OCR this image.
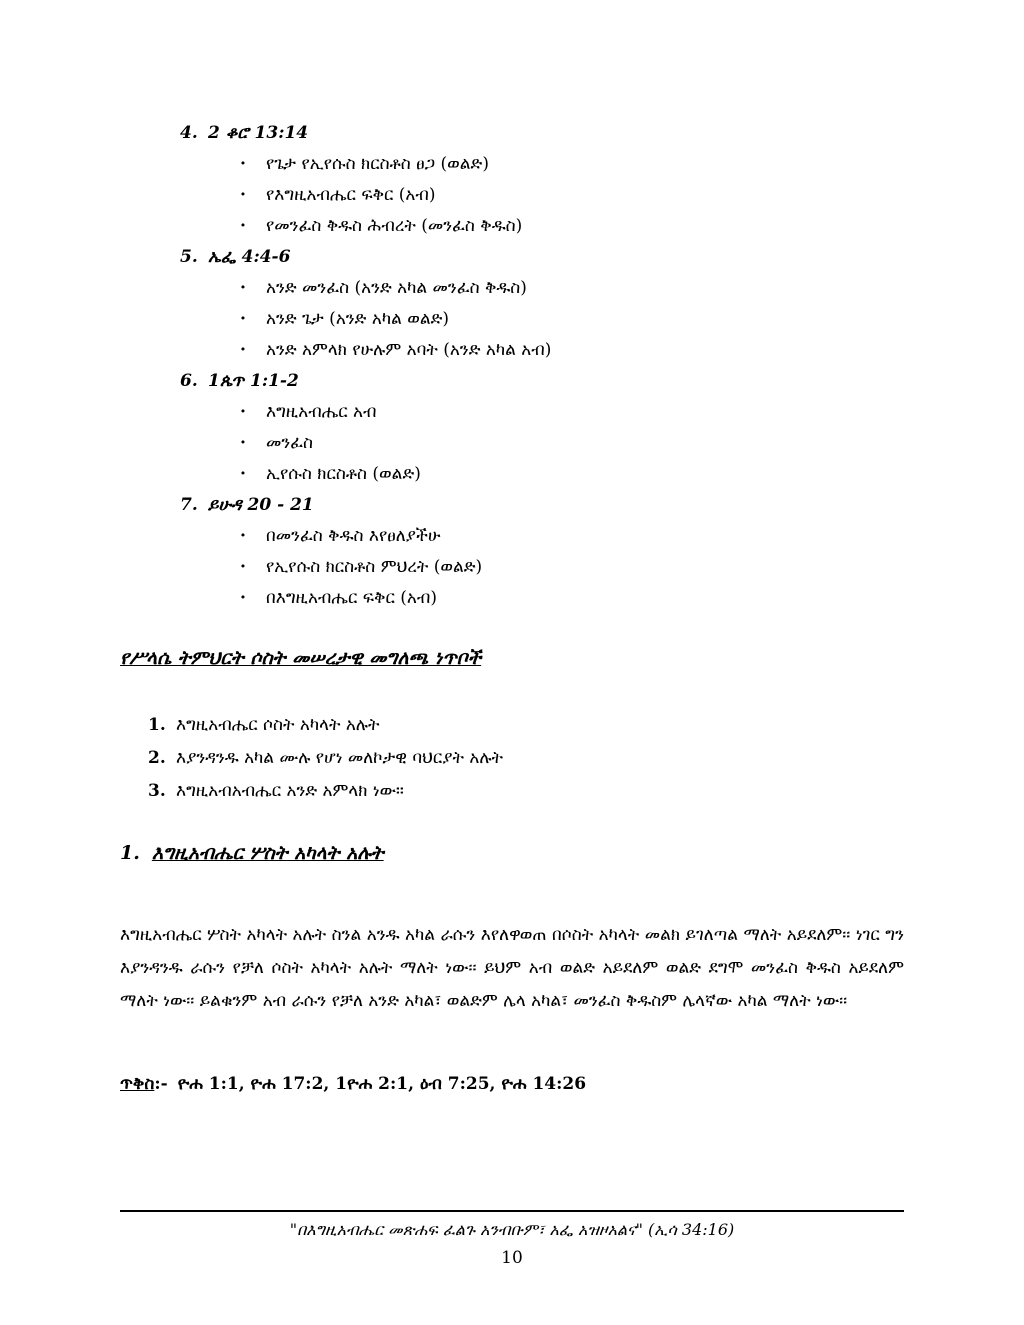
4. 2 ቆሮ 13:14
· የጌታ የኢየሱስ ክርስቶስ ፀጋ (ወልድ)
· የእግዚአብሔር ፍቅር (አብ)
· የመንፈስ ቅዱስ ሕብረት (መንፈስ ቅዱስ)
5. ኤፌ 4:4-6
· አንድ መንፈስ (አንድ አካል መንፈስ ቅዱስ)
· አንድ ጌታ (አንድ አካል ወልድ)
· አንድ አምላክ የሁሉም አባት (አንድ አካል አብ)
6. 1ጴጥ 1:1-2
· እግዚአብሔር አብ
· መንፈስ
· ኢየሱስ ክርስቶስ (ወልድ)
7. ይሁዳ 20 - 21
· በመንፈስ ቅዱስ እየፀለያችሁ
· የኢየሱስ ክርስቶስ ምህረት (ወልድ)
· በእግዚአብሔር ፍቅር (አብ)
የሥላሴ ትምህርት ሶስት መሠረታዊ መግለጫ ነጥቦች
1. እግዚአብሔር ሶስት አካላት አሉት
2. እያንዳንዱ አካል ሙሉ የሆነ መለኮታዊ ባህርያት አሉት
3. እግዚአብአብሔር አንድ አምላክ ነው።
1. እግዚአብሔር ሦስት አካላት አሉት

እግዚአብሔር ሦስት አካላት አሉት ስንል አንዱ አካል ራሱን እየለዋወጠ በሶስት አካላት መልክ ይገለጣል ማለት አይደለም፡፡ ነገር ግን እያንዳንዱ ራሱን የቻለ ሶስት አካላት አሉት ማለት ነው፡፡ ይህም አብ ወልድ አይደለም ወልድ ደግሞ መንፈስ ቅዱስ አይደለም ማለት ነው፡፡ ይልቁንም አብ ራሱን የቻለ አንድ አካል፣ ወልድም ሌላ አካል፣ መንፈስ ቅዱስም ሌላኛው አካል ማለት ነው፡፡

ጥቅስ:- ዮሐ 1:1, ዮሐ 17:2, 1ዮሐ 2:1, ዕብ 7:25, ዮሐ 14:26
"በእግዚአብሔር መጽሐፍ ፈልጉ አንብቡም፣ አፌ አዝዞአልና" (ኢሳ 34:16)
10
